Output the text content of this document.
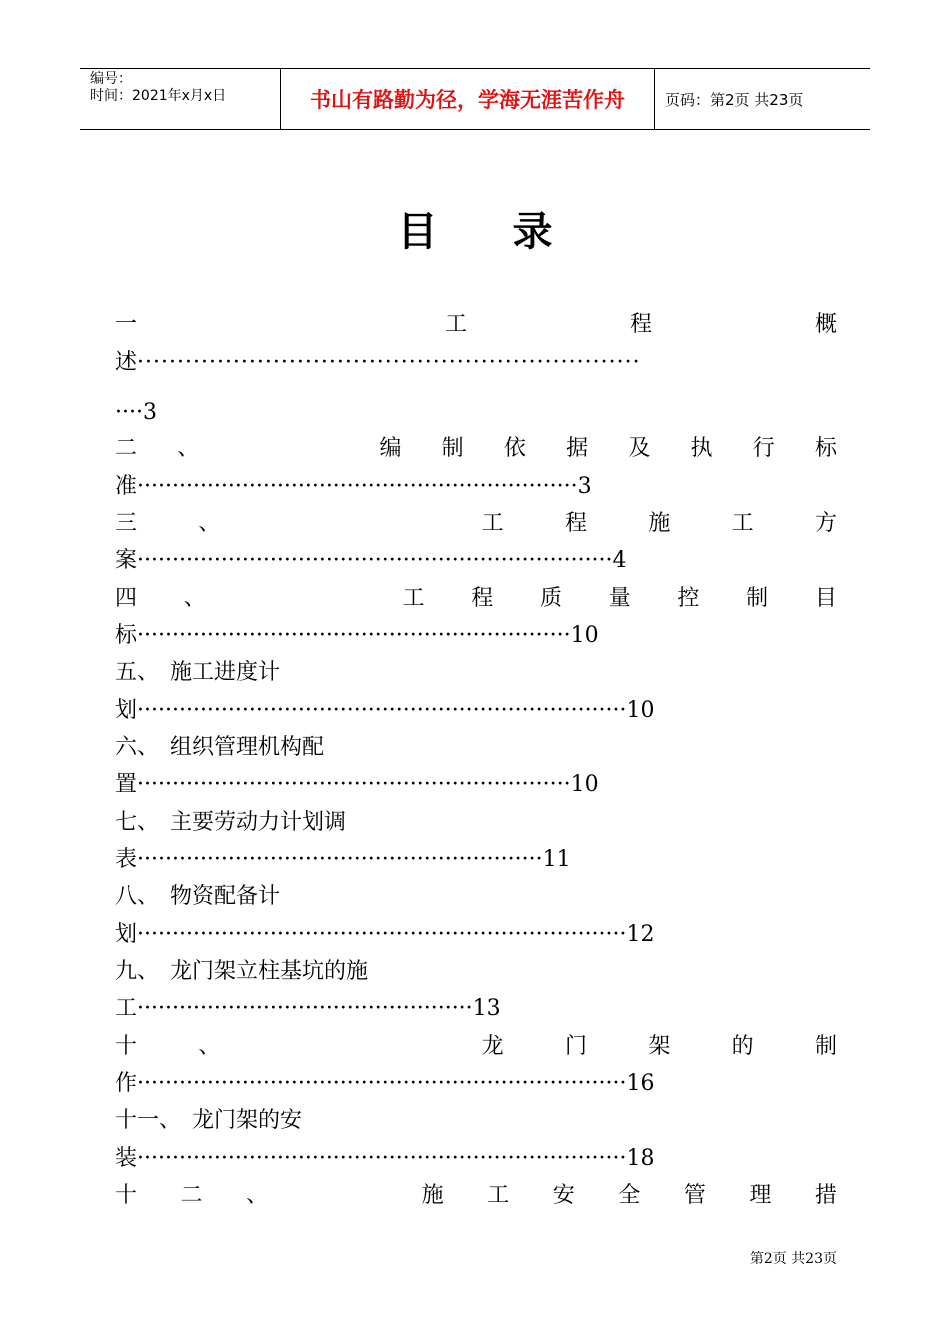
编号：
时间：2021年x月x日	书山有路勤为径，学海无涯苦作舟	页码：第2页 共23页
目录
一	工	程	概
述·······························································
····3
二 、	编 制 依 据 及 执 行 标
准·······························································3
三	、	工	程	施	工	方
案····································································4
四 、	工 程 质 量 控 制 目
标······························································10
五、　施工进度计
划······································································10
六、　组织管理机构配
置······························································10
七、　主要劳动力计划调
表··························································11
八、　物资配备计
划······································································12
九、　龙门架立柱基坑的施
工················································13
十	、	龙	门	架	的	制
作······································································16
十一、　龙门架的安
装······································································18
十 二 、	施 工 安 全 管 理 措
第2页 共23页
